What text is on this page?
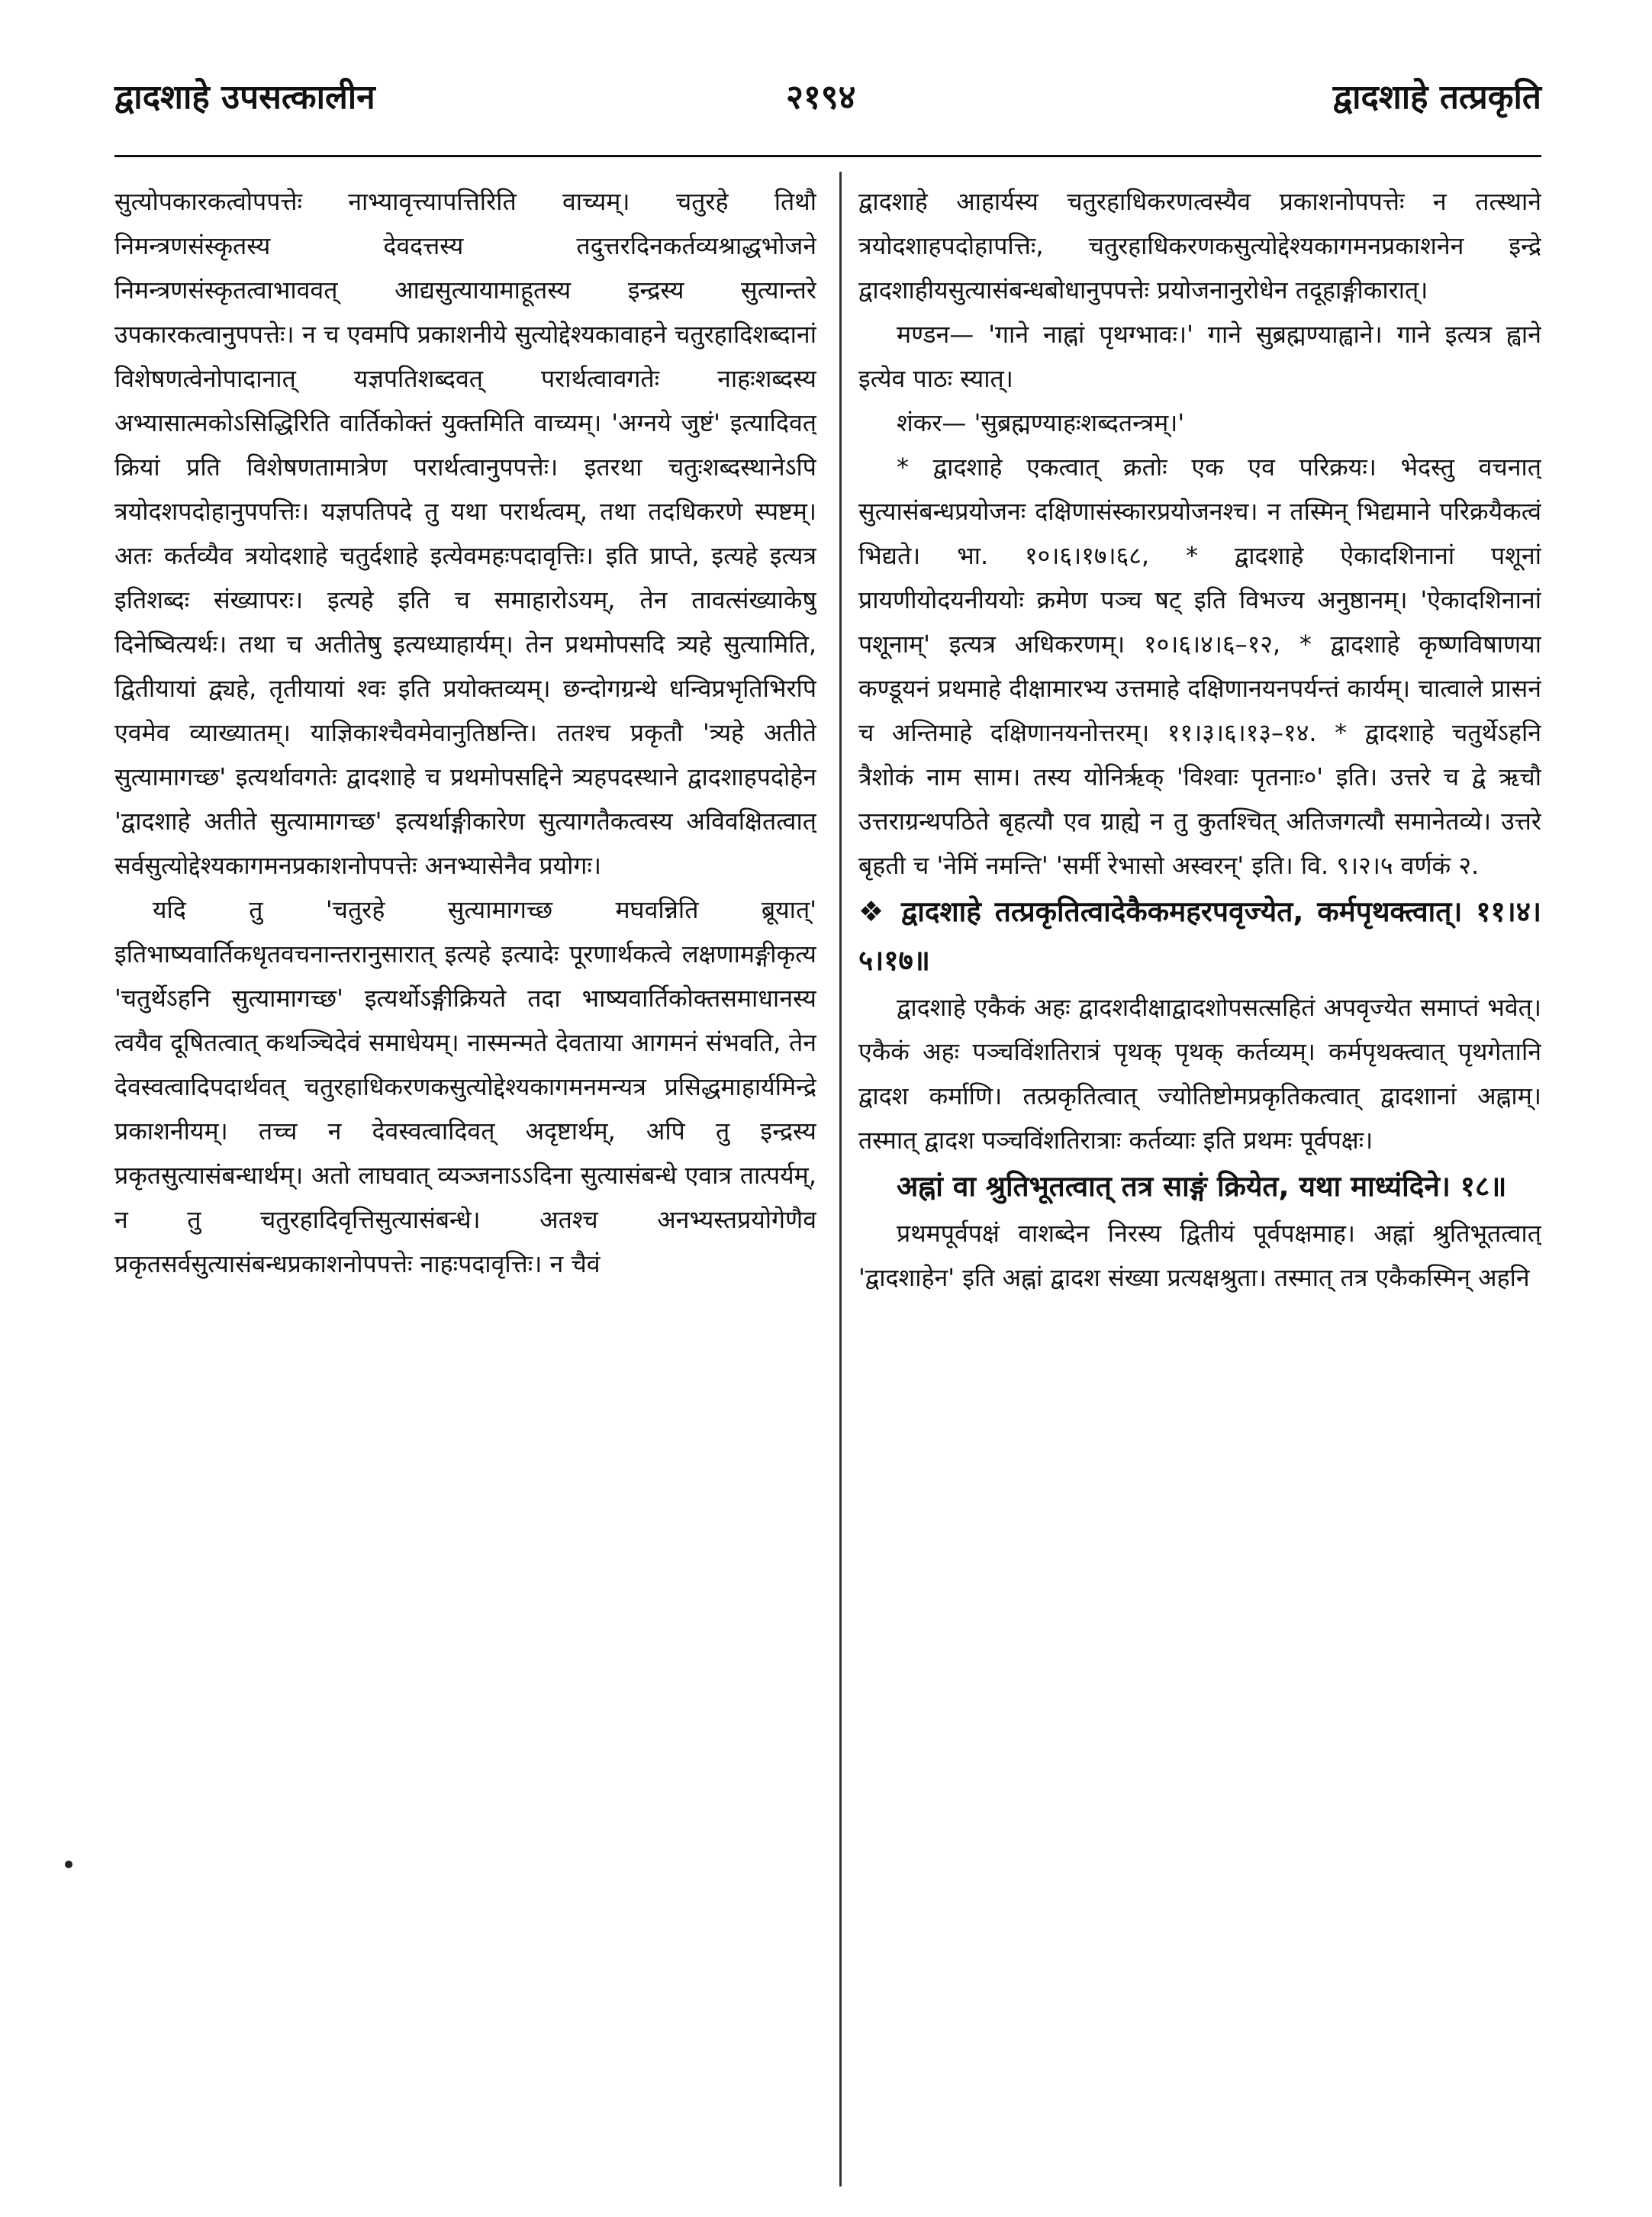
द्वादशाहे उपसत्कालीन	२१९४	द्वादशाहे तत्प्रकृति

सुत्योपकारकत्वोपपत्तेः नाभ्यावृत्त्यापत्तिरिति वाच्यम्। चतुरहे तिथौ निमन्त्रणसंस्कृतस्य देवदत्तस्य तदुत्तरदिनकर्तव्यश्राद्धभोजने निमन्त्रणसंस्कृतत्वाभाववत् आद्यसुत्यायामाहूतस्य इन्द्रस्य सुत्यान्तरे उपकारकत्वानुपपत्तेः। न च एवमपि प्रकाशनीये सुत्योद्देश्यकावाहने चतुरहादिशब्दानां विशेषणत्वेनोपादानात् यज्ञपतिशब्दवत् परार्थत्वावगतेः नाहःशब्दस्य अभ्यासात्मकोऽसिद्धिरिति वार्तिकोक्तं युक्तमिति वाच्यम्। 'अग्नये जुष्टं' इत्यादिवत् क्रियां प्रति विशेषणतामात्रेण परार्थत्वानुपपत्तेः। इतरथा चतुःशब्दस्थानेऽपि त्रयोदशपदोहानुपपत्तिः। यज्ञपतिपदे तु यथा परार्थत्वम्, तथा तदधिकरणे स्पष्टम्। अतः कर्तव्यैव त्रयोदशाहे चतुर्दशाहे इत्येवमहःपदावृत्तिः। इति प्राप्ते, इत्यहे इत्यत्र इतिशब्दः संख्यापरः। इत्यहे इति च समाहारोऽयम्, तेन तावत्संख्याकेषु दिनेष्वित्यर्थः। तथा च अतीतेषु इत्यध्याहार्यम्। तेन प्रथमोपसदि त्र्यहे सुत्यामिति, द्वितीयायां द्व्यहे, तृतीयायां श्वः इति प्रयोक्तव्यम्। छन्दोगग्रन्थे धन्विप्रभृतिभिरपि एवमेव व्याख्यातम्। याज्ञिकाश्चैवमेवानुतिष्ठन्ति। ततश्च प्रकृतौ 'त्र्यहे अतीते सुत्यामागच्छ' इत्यर्थावगतेः द्वादशाहे च प्रथमोपसद्दिने त्र्यहपदस्थाने द्वादशाहपदोहेन 'द्वादशाहे अतीते सुत्यामागच्छ' इत्यर्थाङ्गीकारेण सुत्यागतैकत्वस्य अविवक्षितत्वात् सर्वसुत्योद्देश्यकागमनप्रकाशनोपपत्तेः अनभ्यासेनैव प्रयोगः।

यदि तु 'चतुरहे सुत्यामागच्छ मघवन्निति ब्रूयात्' इतिभाष्यवार्तिकधृतवचनान्तरानुसारात् इत्यहे इत्यादेः पूरणार्थकत्वे लक्षणामङ्गीकृत्य 'चतुर्थेऽहनि सुत्यामागच्छ' इत्यर्थोऽङ्गीक्रियते तदा भाष्यवार्तिकोक्तसमाधानस्य त्वयैव दूषितत्वात् कथञ्चिदेवं समाधेयम्। नास्मन्मते देवताया आगमनं संभवति, तेन देवस्वत्वादिपदार्थवत् चतुरहाधिकरणकसुत्योद्देश्यकागमनमन्यत्र प्रसिद्धमाहार्यमिन्द्रे प्रकाशनीयम्। तच्च न देवस्वत्वादिवत् अदृष्टार्थम्, अपि तु इन्द्रस्य प्रकृतसुत्यासंबन्धार्थम्। अतो लाघवात् व्यञ्जनाऽऽदिना सुत्यासंबन्धे एवात्र तात्पर्यम्, न तु चतुरहादिवृत्तिसुत्यासंबन्धे। अतश्च अनभ्यस्तप्रयोगेणैव प्रकृतसर्वसुत्यासंबन्धप्रकाशनोपपत्तेः नाहःपदावृत्तिः। न चैवं

द्वादशाहे आहार्यस्य चतुरहाधिकरणत्वस्यैव प्रकाशनोपपत्तेः न तत्स्थाने त्रयोदशाहपदोहापत्तिः, चतुरहाधिकरणकसुत्योद्देश्यकागमनप्रकाशनेन इन्द्रे द्वादशाहीयसुत्यासंबन्धबोधानुपपत्तेः प्रयोजनानुरोधेन तदूहाङ्गीकारात्।

मण्डन— 'गाने नाह्नां पृथग्भावः।' गाने सुब्रह्मण्याह्वाने। गाने इत्यत्र ह्वाने इत्येव पाठः स्यात्।

शंकर— 'सुब्रह्मण्याहःशब्दतन्त्रम्।'

* द्वादशाहे एकत्वात् क्रतोः एक एव परिक्रयः। भेदस्तु वचनात् सुत्यासंबन्धप्रयोजनः दक्षिणासंस्कारप्रयोजनश्च। न तस्मिन् भिद्यमाने परिक्रयैकत्वं भिद्यते। भा. १०।६।१७।६८, * द्वादशाहे ऐकादशिनानां पशूनां प्रायणीयोदयनीययोः क्रमेण पञ्च षट् इति विभज्य अनुष्ठानम्। 'ऐकादशिनानां पशूनाम्' इत्यत्र अधिकरणम्। १०।६।४।६–१२, * द्वादशाहे कृष्णविषाणया कण्डूयनं प्रथमाहे दीक्षामारभ्य उत्तमाहे दक्षिणानयनपर्यन्तं कार्यम्। चात्वाले प्रासनं च अन्तिमाहे दक्षिणानयनोत्तरम्। ११।३।६।१३–१४. * द्वादशाहे चतुर्थेऽहनि त्रैशोकं नाम साम। तस्य योनिर्ऋक् 'विश्वाः पृतनाः०' इति। उत्तरे च द्वे ऋचौ उत्तराग्रन्थपठिते बृहत्यौ एव ग्राह्ये न तु कुतश्चित् अतिजगत्यौ समानेतव्ये। उत्तरे बृहती च 'नेमिं नमन्ति' 'सर्मी रेभासो अस्वरन्' इति। वि. ९।२।५ वर्णकं २.

❖ द्वादशाहे तत्प्रकृतित्वादेकैकमहरपवृज्येत, कर्मपृथक्त्वात्। ११।४।५।१७॥

द्वादशाहे एकैकं अहः द्वादशदीक्षाद्वादशोपसत्सहितं अपवृज्येत समाप्तं भवेत्। एकैकं अहः पञ्चविंशतिरात्रं पृथक् पृथक् कर्तव्यम्। कर्मपृथक्त्वात् पृथगेतानि द्वादश कर्माणि। तत्प्रकृतित्वात् ज्योतिष्टोमप्रकृतिकत्वात् द्वादशानां अह्नाम्। तस्मात् द्वादश पञ्चविंशतिरात्राः कर्तव्याः इति प्रथमः पूर्वपक्षः।

अह्नां वा श्रुतिभूतत्वात् तत्र साङ्गं क्रियेत, यथा माध्यंदिने। १८॥

प्रथमपूर्वपक्षं वाशब्देन निरस्य द्वितीयं पूर्वपक्षमाह। अह्नां श्रुतिभूतत्वात् 'द्वादशाहेन' इति अह्नां द्वादश संख्या प्रत्यक्षश्रुता। तस्मात् तत्र एकैकस्मिन् अहनि
